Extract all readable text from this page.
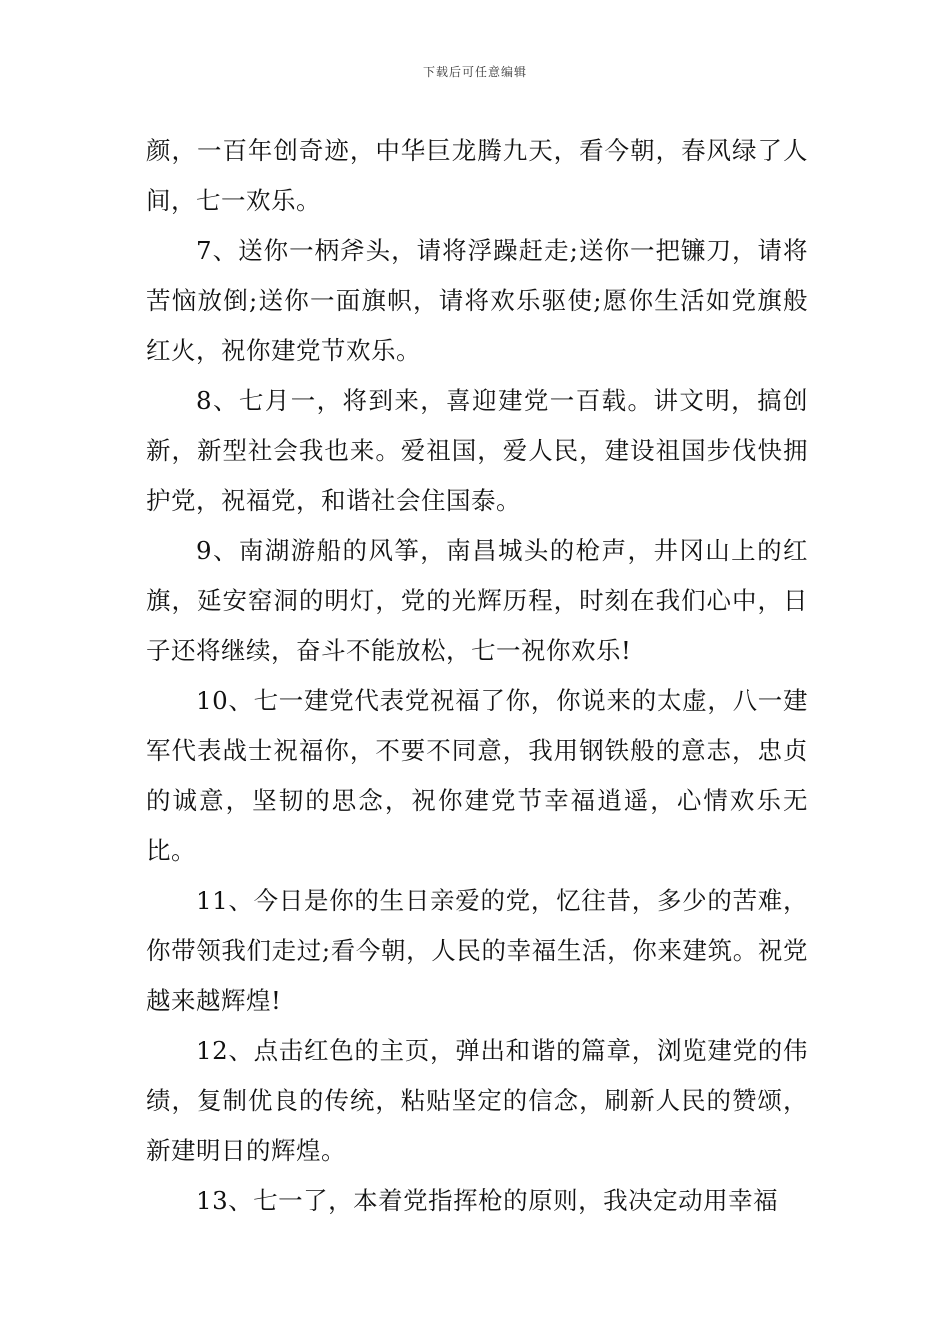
下载后可任意编辑

颜，一百年创奇迹，中华巨龙腾九天，看今朝，春风绿了人间，七一欢乐。

7、送你一柄斧头，请将浮躁赶走;送你一把镰刀，请将苦恼放倒;送你一面旗帜，请将欢乐驱使;愿你生活如党旗般红火，祝你建党节欢乐。

8、七月一，将到来，喜迎建党一百载。讲文明，搞创新，新型社会我也来。爱祖国，爱人民，建设祖国步伐快拥护党，祝福党，和谐社会住国泰。

9、南湖游船的风筝，南昌城头的枪声，井冈山上的红旗，延安窑洞的明灯，党的光辉历程，时刻在我们心中，日子还将继续，奋斗不能放松，七一祝你欢乐!

10、七一建党代表党祝福了你，你说来的太虚，八一建军代表战士祝福你，不要不同意，我用钢铁般的意志，忠贞的诚意，坚韧的思念，祝你建党节幸福逍遥，心情欢乐无比。

11、今日是你的生日亲爱的党，忆往昔，多少的苦难，你带领我们走过;看今朝，人民的幸福生活，你来建筑。祝党越来越辉煌!

12、点击红色的主页，弹出和谐的篇章，浏览建党的伟绩，复制优良的传统，粘贴坚定的信念，刷新人民的赞颂，新建明日的辉煌。

13、七一了，本着党指挥枪的原则，我决定动用幸福
